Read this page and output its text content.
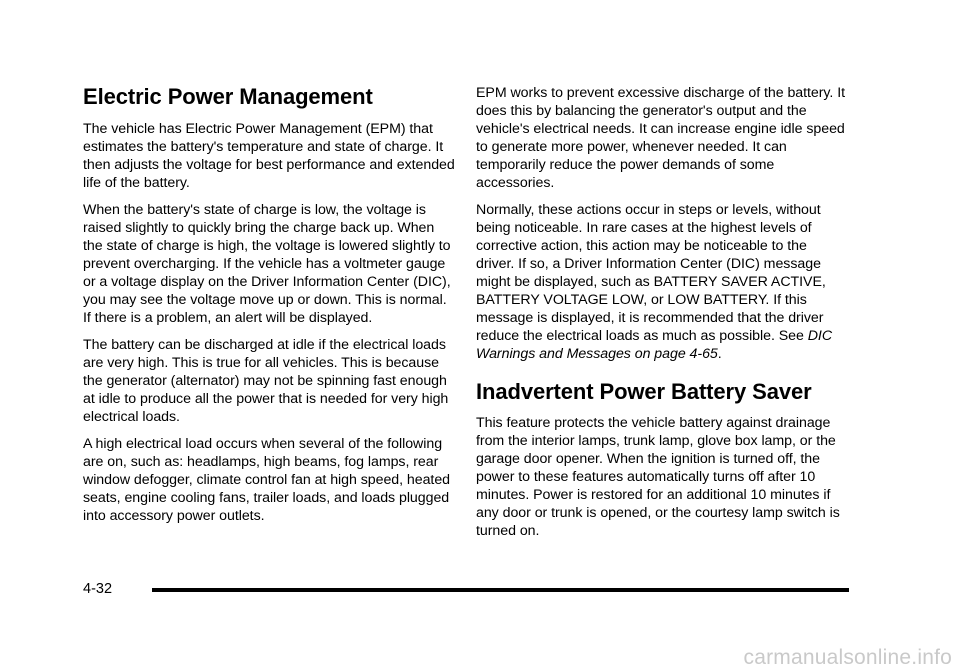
Electric Power Management

The vehicle has Electric Power Management (EPM) that estimates the battery's temperature and state of charge. It then adjusts the voltage for best performance and extended life of the battery.

When the battery's state of charge is low, the voltage is raised slightly to quickly bring the charge back up. When the state of charge is high, the voltage is lowered slightly to prevent overcharging. If the vehicle has a voltmeter gauge or a voltage display on the Driver Information Center (DIC), you may see the voltage move up or down. This is normal. If there is a problem, an alert will be displayed.

The battery can be discharged at idle if the electrical loads are very high. This is true for all vehicles. This is because the generator (alternator) may not be spinning fast enough at idle to produce all the power that is needed for very high electrical loads.

A high electrical load occurs when several of the following are on, such as: headlamps, high beams, fog lamps, rear window defogger, climate control fan at high speed, heated seats, engine cooling fans, trailer loads, and loads plugged into accessory power outlets.

EPM works to prevent excessive discharge of the battery. It does this by balancing the generator's output and the vehicle's electrical needs. It can increase engine idle speed to generate more power, whenever needed. It can temporarily reduce the power demands of some accessories.

Normally, these actions occur in steps or levels, without being noticeable. In rare cases at the highest levels of corrective action, this action may be noticeable to the driver. If so, a Driver Information Center (DIC) message might be displayed, such as BATTERY SAVER ACTIVE, BATTERY VOLTAGE LOW, or LOW BATTERY. If this message is displayed, it is recommended that the driver reduce the electrical loads as much as possible. See DIC Warnings and Messages on page 4-65.

Inadvertent Power Battery Saver

This feature protects the vehicle battery against drainage from the interior lamps, trunk lamp, glove box lamp, or the garage door opener. When the ignition is turned off, the power to these features automatically turns off after 10 minutes. Power is restored for an additional 10 minutes if any door or trunk is opened, or the courtesy lamp switch is turned on.

4-32
carmanualsonline.info
